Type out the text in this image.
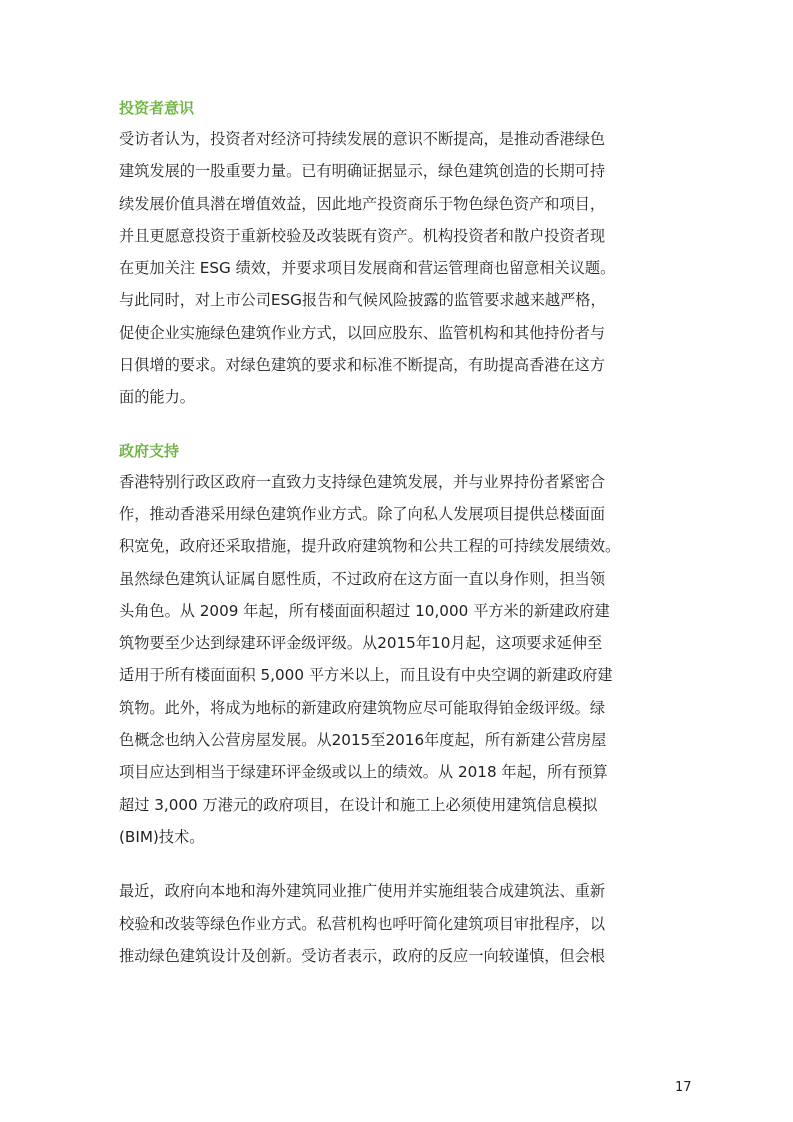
投资者意识

受访者认为，投资者对经济可持续发展的意识不断提高，是推动香港绿色
建筑发展的一股重要力量。已有明确证据显示，绿色建筑创造的长期可持
续发展价值具潜在增值效益，因此地产投资商乐于物色绿色资产和项目，
并且更愿意投资于重新校验及改装既有资产。机构投资者和散户投资者现
在更加关注 ESG 绩效，并要求项目发展商和营运管理商也留意相关议题。
与此同时，对上市公司ESG报告和气候风险披露的监管要求越来越严格，
促使企业实施绿色建筑作业方式，以回应股东、监管机构和其他持份者与
日俱增的要求。对绿色建筑的要求和标准不断提高，有助提高香港在这方
面的能力。

政府支持

香港特别行政区政府一直致力支持绿色建筑发展，并与业界持份者紧密合
作，推动香港采用绿色建筑作业方式。除了向私人发展项目提供总楼面面
积宽免，政府还采取措施，提升政府建筑物和公共工程的可持续发展绩效。
虽然绿色建筑认证属自愿性质，不过政府在这方面一直以身作则，担当领
头角色。从 2009 年起，所有楼面面积超过 10,000 平方米的新建政府建
筑物要至少达到绿建环评金级评级。从2015年10月起，这项要求延伸至
适用于所有楼面面积 5,000 平方米以上，而且设有中央空调的新建政府建
筑物。此外，将成为地标的新建政府建筑物应尽可能取得铂金级评级。绿
色概念也纳入公营房屋发展。从2015至2016年度起，所有新建公营房屋
项目应达到相当于绿建环评金级或以上的绩效。从 2018 年起，所有预算
超过 3,000 万港元的政府项目，在设计和施工上必须使用建筑信息模拟
(BIM)技术。

最近，政府向本地和海外建筑同业推广使用并实施组装合成建筑法、重新
校验和改装等绿色作业方式。私营机构也呼吁简化建筑项目审批程序，以
推动绿色建筑设计及创新。受访者表示，政府的反应一向较谨慎，但会根

17
